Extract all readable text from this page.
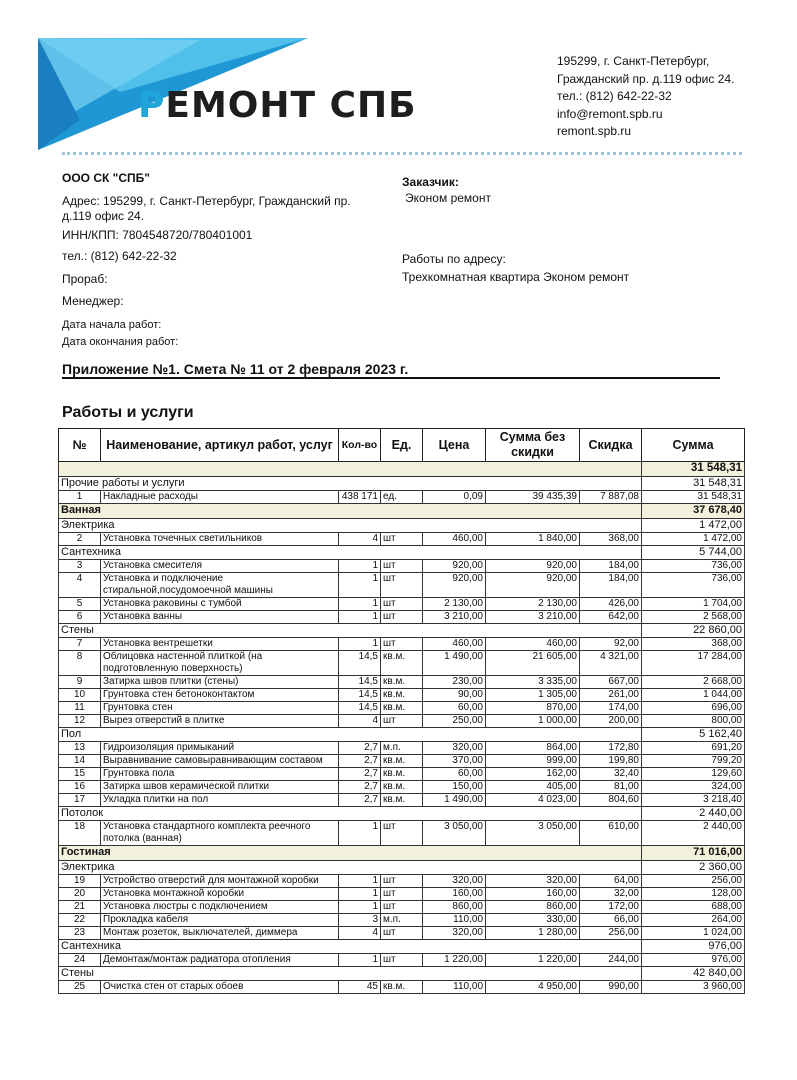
РЕМОНТ СПБ
195299, г. Санкт-Петербург,
Гражданский пр. д.119 офис 24.
тел.: (812) 642-22-32
info@remont.spb.ru
remont.spb.ru
ООО СК "СПБ"
Адрес: 195299, г. Санкт-Петербург, Гражданский пр. д.119 офис 24.
ИНН/КПП: 7804548720/780401001
тел.: (812) 642-22-32
Прораб:
Менеджер:
Дата начала работ:
Дата окончания работ:
Заказчик:
Эконом ремонт
Работы по адресу:
Трехкомнатная квартира Эконом ремонт
Приложение №1. Смета № 11 от 2 февраля 2023 г.
Работы и услуги
№	Наименование, артикул работ, услуг	Кол-во	Ед.	Цена	Сумма без скидки	Скидка	Сумма
							31 548,31
Прочие работы и услуги							31 548,31
1	Накладные расходы	438 171	ед.	0,09	39 435,39	7 887,08	31 548,31
Ванная							37 678,40
Электрика							1 472,00
2	Установка точечных светильников	4	шт	460,00	1 840,00	368,00	1 472,00
Сантехника							5 744,00
3	Установка смесителя	1	шт	920,00	920,00	184,00	736,00
4	Установка и подключение стиральной,посудомоечной машины	1	шт	920,00	920,00	184,00	736,00
5	Установка раковины с тумбой	1	шт	2 130,00	2 130,00	426,00	1 704,00
6	Установка ванны	1	шт	3 210,00	3 210,00	642,00	2 568,00
Стены							22 860,00
7	Установка вентрешетки	1	шт	460,00	460,00	92,00	368,00
8	Облицовка настенной плиткой (на подготовленную поверхность)	14,5	кв.м.	1 490,00	21 605,00	4 321,00	17 284,00
9	Затирка швов плитки (стены)	14,5	кв.м.	230,00	3 335,00	667,00	2 668,00
10	Грунтовка стен бетоноконтактом	14,5	кв.м.	90,00	1 305,00	261,00	1 044,00
11	Грунтовка стен	14,5	кв.м.	60,00	870,00	174,00	696,00
12	Вырез отверстий в плитке	4	шт	250,00	1 000,00	200,00	800,00
Пол							5 162,40
13	Гидроизоляция примыканий	2,7	м.п.	320,00	864,00	172,80	691,20
14	Выравнивание самовыравнивающим составом	2,7	кв.м.	370,00	999,00	199,80	799,20
15	Грунтовка пола	2,7	кв.м.	60,00	162,00	32,40	129,60
16	Затирка швов керамической плитки	2,7	кв.м.	150,00	405,00	81,00	324,00
17	Укладка плитки на пол	2,7	кв.м.	1 490,00	4 023,00	804,60	3 218,40
Потолок							2 440,00
18	Установка стандартного комплекта реечного потолка (ванная)	1	шт	3 050,00	3 050,00	610,00	2 440,00
Гостиная							71 016,00
Электрика							2 360,00
19	Устройство отверстий для монтажной коробки	1	шт	320,00	320,00	64,00	256,00
20	Установка монтажной коробки	1	шт	160,00	160,00	32,00	128,00
21	Установка люстры с подключением	1	шт	860,00	860,00	172,00	688,00
22	Прокладка кабеля	3	м.п.	110,00	330,00	66,00	264,00
23	Монтаж розеток, выключателей, диммера	4	шт	320,00	1 280,00	256,00	1 024,00
Сантехника							976,00
24	Демонтаж/монтаж радиатора отопления	1	шт	1 220,00	1 220,00	244,00	976,00
Стены							42 840,00
25	Очистка стен от старых обоев	45	кв.м.	110,00	4 950,00	990,00	3 960,00
